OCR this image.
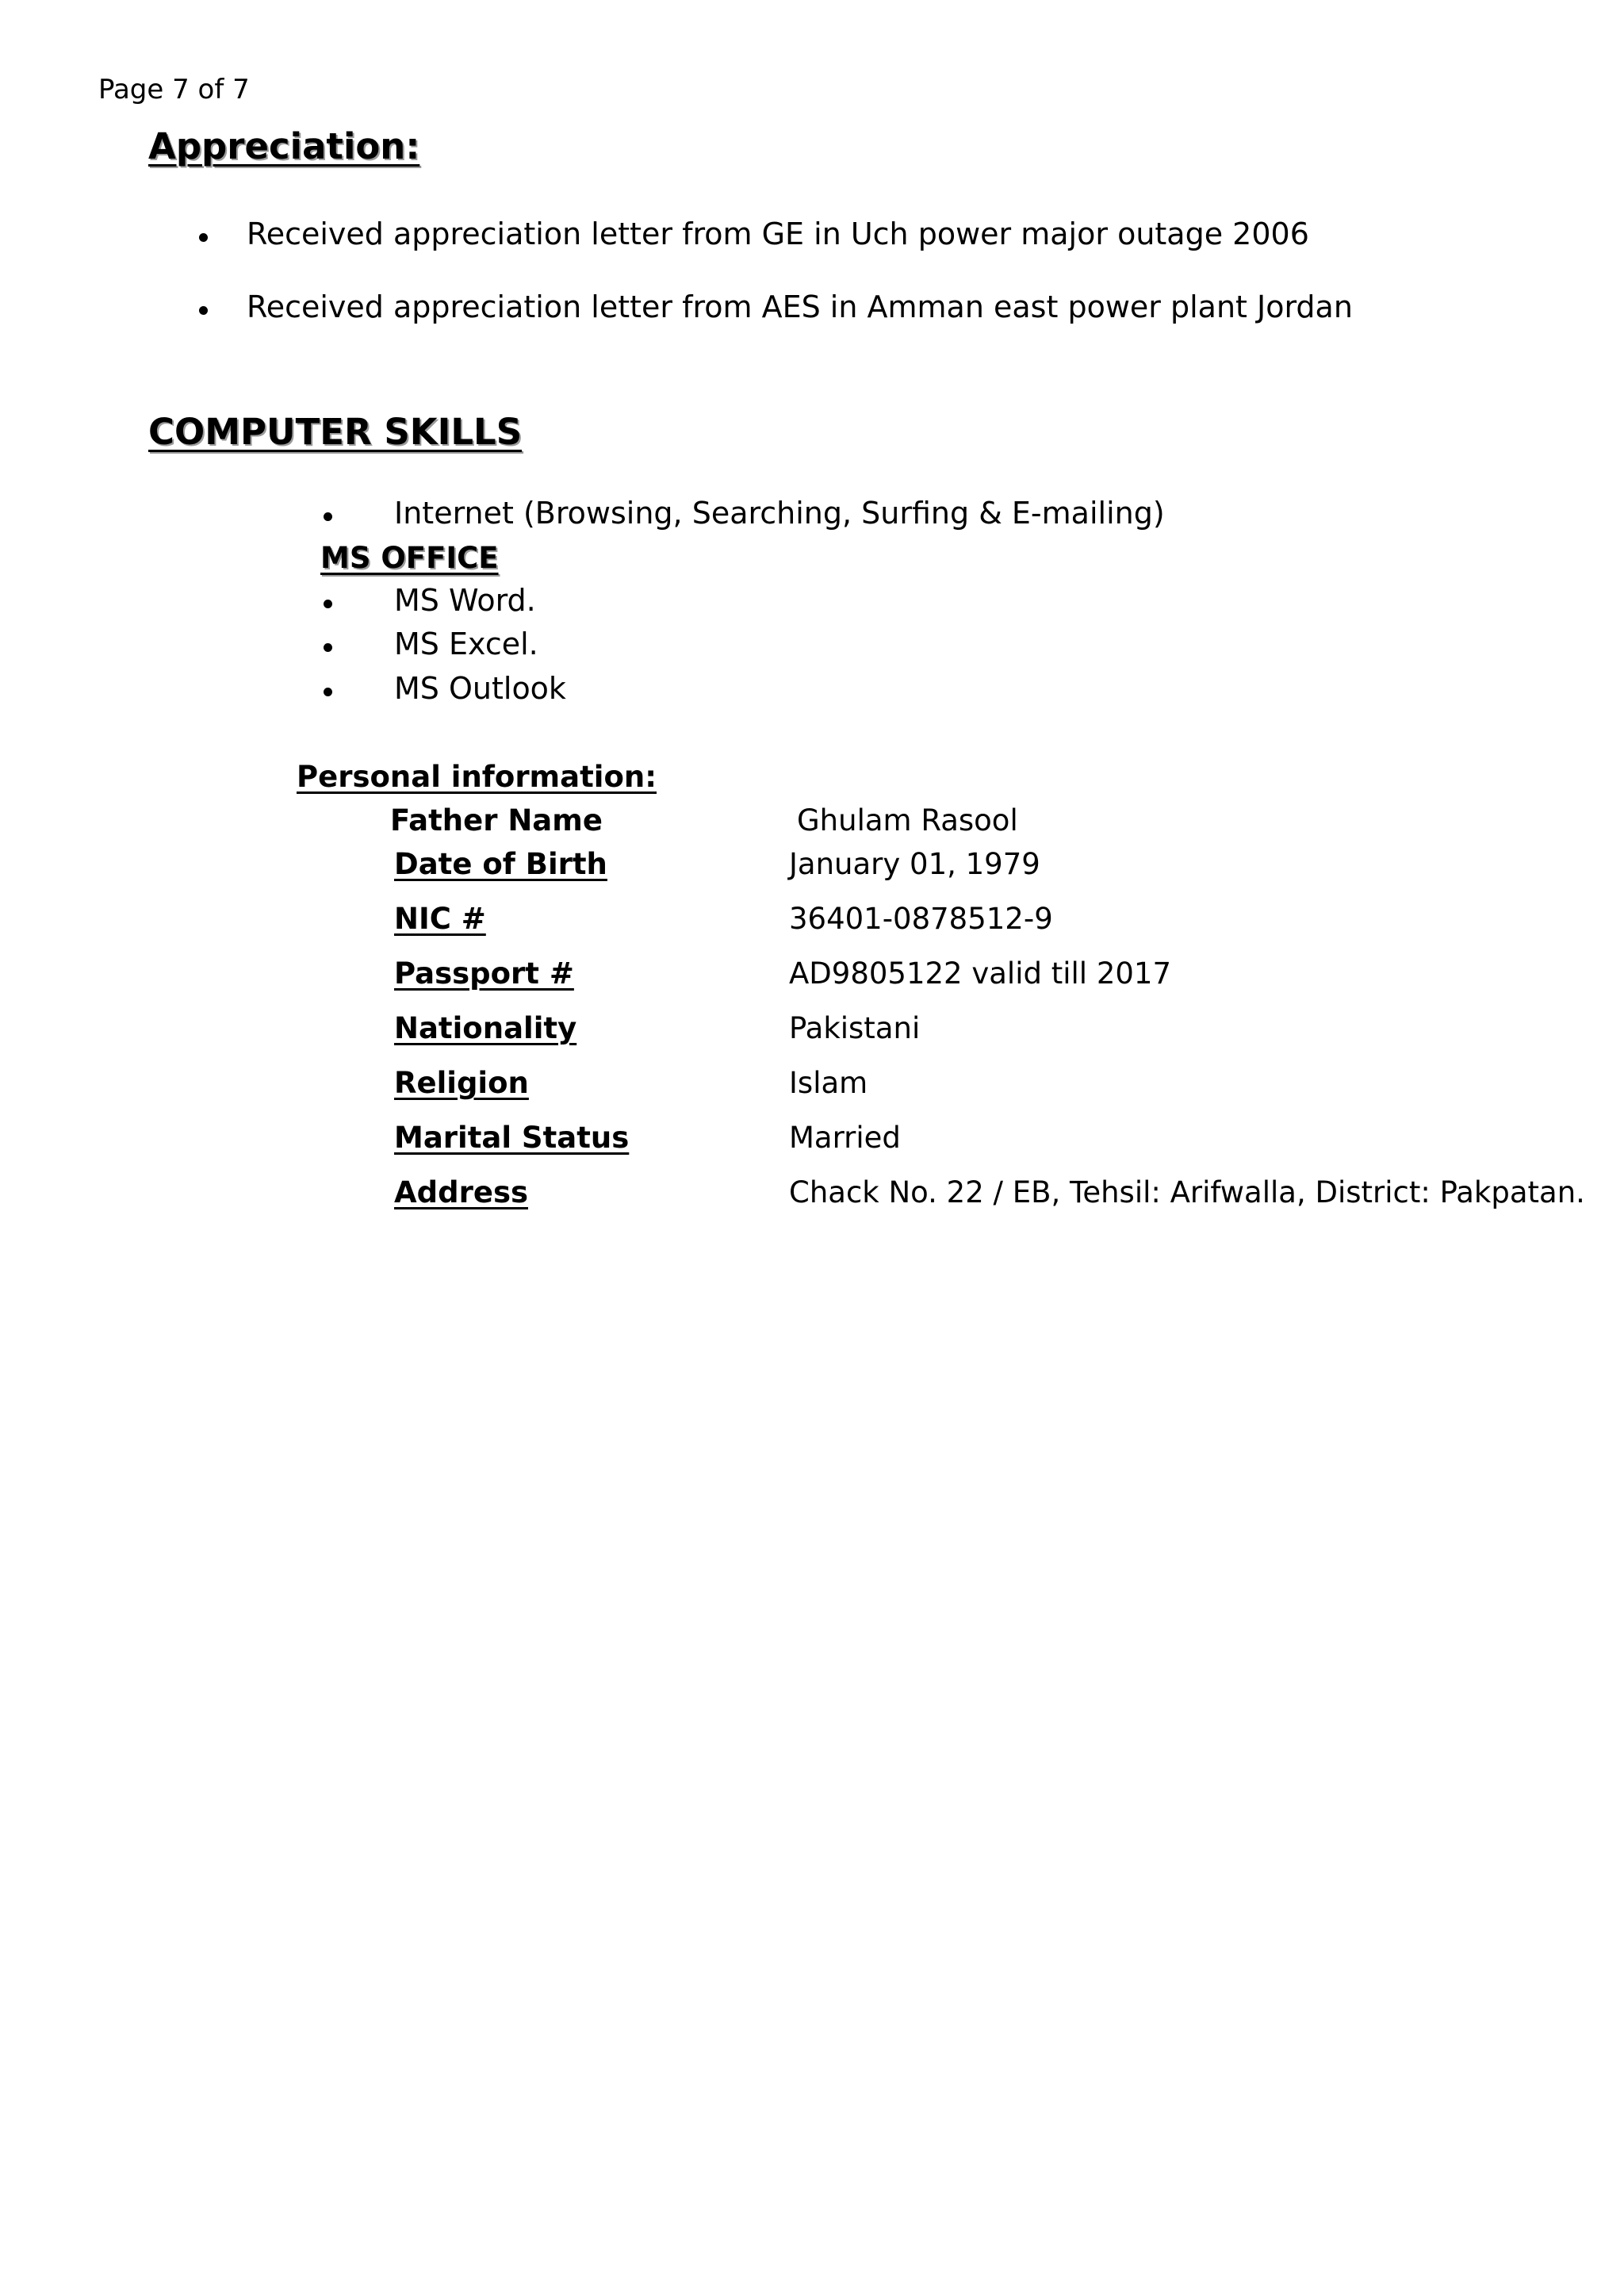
Page 7 of 7
Appreciation:
Received appreciation letter from GE in Uch power major outage 2006
Received appreciation letter from AES in Amman east power plant Jordan
COMPUTER SKILLS
Internet (Browsing, Searching, Surfing & E-mailing)
MS OFFICE
MS Word.
MS Excel.
MS Outlook
Personal information:
Father Name	Ghulam Rasool
Date of Birth	January 01, 1979
NIC #	36401-0878512-9
Passport #	AD9805122 valid till 2017
Nationality	Pakistani
Religion	Islam
Marital Status	Married
Address	Chack No. 22 / EB, Tehsil: Arifwalla, District: Pakpatan.
